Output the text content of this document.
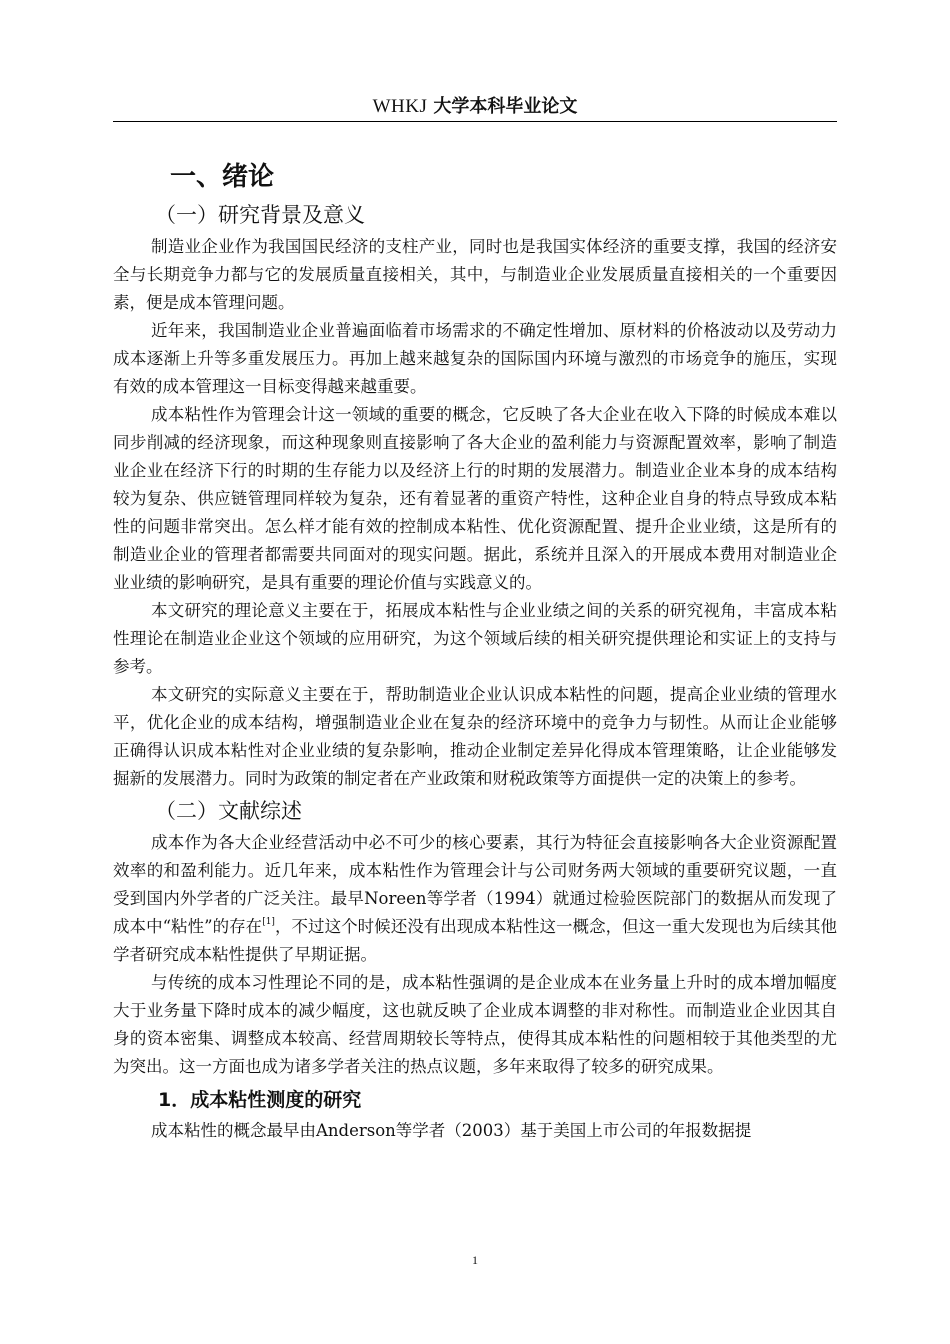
WHKJ 大学本科毕业论文
一、绪论
（一）研究背景及意义

制造业企业作为我国国民经济的支柱产业，同时也是我国实体经济的重要支撑，我国的经济安全与长期竞争力都与它的发展质量直接相关，其中，与制造业企业发展质量直接相关的一个重要因素，便是成本管理问题。

近年来，我国制造业企业普遍面临着市场需求的不确定性增加、原材料的价格波动以及劳动力成本逐渐上升等多重发展压力。再加上越来越复杂的国际国内环境与激烈的市场竞争的施压，实现有效的成本管理这一目标变得越来越重要。

成本粘性作为管理会计这一领域的重要的概念，它反映了各大企业在收入下降的时候成本难以同步削减的经济现象，而这种现象则直接影响了各大企业的盈利能力与资源配置效率，影响了制造业企业在经济下行的时期的生存能力以及经济上行的时期的发展潜力。制造业企业本身的成本结构较为复杂、供应链管理同样较为复杂，还有着显著的重资产特性，这种企业自身的特点导致成本粘性的问题非常突出。怎么样才能有效的控制成本粘性、优化资源配置、提升企业业绩，这是所有的制造业企业的管理者都需要共同面对的现实问题。据此，系统并且深入的开展成本费用对制造业企业业绩的影响研究，是具有重要的理论价值与实践意义的。

本文研究的理论意义主要在于，拓展成本粘性与企业业绩之间的关系的研究视角，丰富成本粘性理论在制造业企业这个领域的应用研究，为这个领域后续的相关研究提供理论和实证上的支持与参考。

本文研究的实际意义主要在于，帮助制造业企业认识成本粘性的问题，提高企业业绩的管理水平，优化企业的成本结构，增强制造业企业在复杂的经济环境中的竞争力与韧性。从而让企业能够正确得认识成本粘性对企业业绩的复杂影响，推动企业制定差异化得成本管理策略，让企业能够发掘新的发展潜力。同时为政策的制定者在产业政策和财税政策等方面提供一定的决策上的参考。

（二）文献综述

成本作为各大企业经营活动中必不可少的核心要素，其行为特征会直接影响各大企业资源配置效率的和盈利能力。近几年来，成本粘性作为管理会计与公司财务两大领域的重要研究议题，一直受到国内外学者的广泛关注。最早Noreen等学者（1994）就通过检验医院部门的数据从而发现了成本中“粘性”的存在[1]，不过这个时候还没有出现成本粘性这一概念，但这一重大发现也为后续其他学者研究成本粘性提供了早期证据。

与传统的成本习性理论不同的是，成本粘性强调的是企业成本在业务量上升时的成本增加幅度大于业务量下降时成本的减少幅度，这也就反映了企业成本调整的非对称性。而制造业企业因其自身的资本密集、调整成本较高、经营周期较长等特点，使得其成本粘性的问题相较于其他类型的尤为突出。这一方面也成为诸多学者关注的热点议题，多年来取得了较多的研究成果。

1．成本粘性测度的研究

成本粘性的概念最早由Anderson等学者（2003）基于美国上市公司的年报数据提

1
